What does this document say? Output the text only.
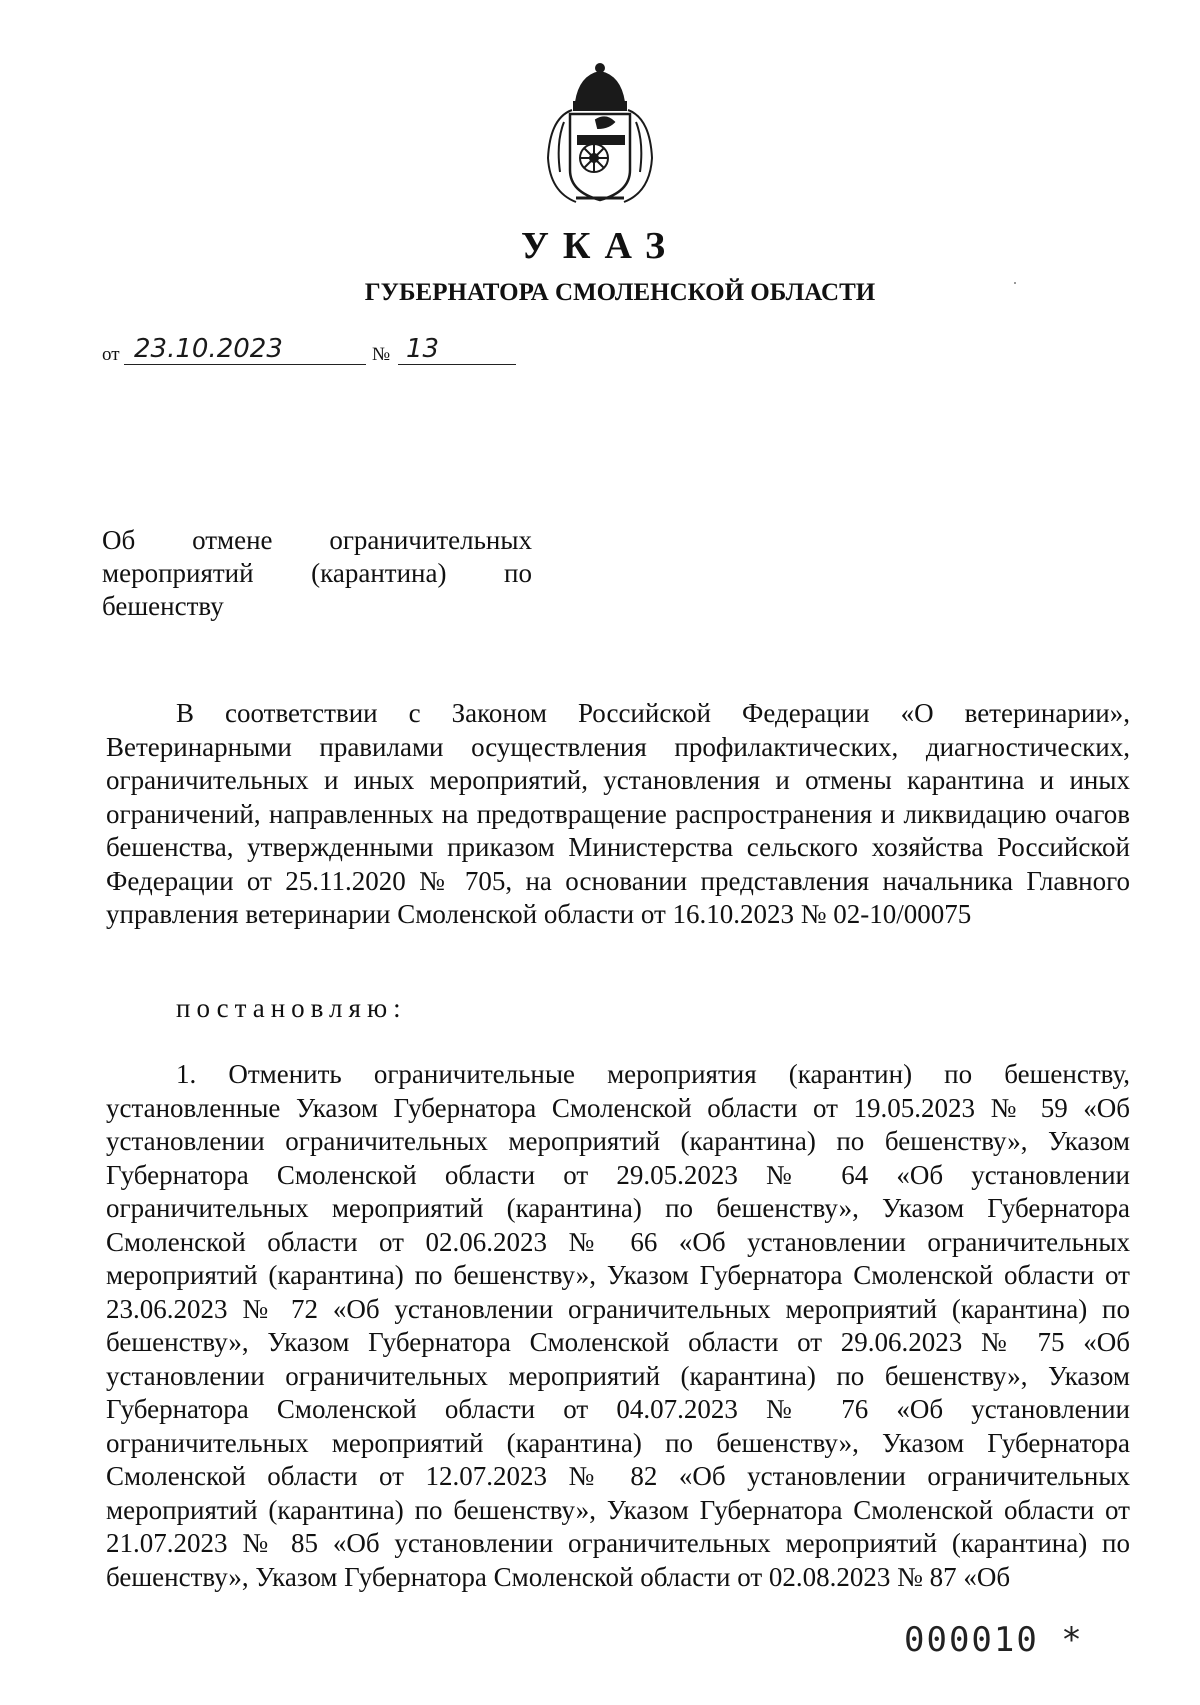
УКАЗ
ГУБЕРНАТОРА СМОЛЕНСКОЙ ОБЛАСТИ
от 23.10.2023	№ 13
Об отмене ограничительных
мероприятий (карантина) по
бешенству
В соответствии с Законом Российской Федерации «О ветеринарии», Ветеринарными правилами осуществления профилактических, диагностических, ограничительных и иных мероприятий, установления и отмены карантина и иных ограничений, направленных на предотвращение распространения и ликвидацию очагов бешенства, утвержденными приказом Министерства сельского хозяйства Российской Федерации от 25.11.2020 № 705, на основании представления начальника Главного управления ветеринарии Смоленской области от 16.10.2023 № 02-10/00075
постановляю:
1. Отменить ограничительные мероприятия (карантин) по бешенству, установленные Указом Губернатора Смоленской области от 19.05.2023 № 59 «Об установлении ограничительных мероприятий (карантина) по бешенству», Указом Губернатора Смоленской области от 29.05.2023 № 64 «Об установлении ограничительных мероприятий (карантина) по бешенству», Указом Губернатора Смоленской области от 02.06.2023 № 66 «Об установлении ограничительных мероприятий (карантина) по бешенству», Указом Губернатора Смоленской области от 23.06.2023 № 72 «Об установлении ограничительных мероприятий (карантина) по бешенству», Указом Губернатора Смоленской области от 29.06.2023 № 75 «Об установлении ограничительных мероприятий (карантина) по бешенству», Указом Губернатора Смоленской области от 04.07.2023 № 76 «Об установлении ограничительных мероприятий (карантина) по бешенству», Указом Губернатора Смоленской области от 12.07.2023 № 82 «Об установлении ограничительных мероприятий (карантина) по бешенству», Указом Губернатора Смоленской области от 21.07.2023 № 85 «Об установлении ограничительных мероприятий (карантина) по бешенству», Указом Губернатора Смоленской области от 02.08.2023 № 87 «Об
000010 *
